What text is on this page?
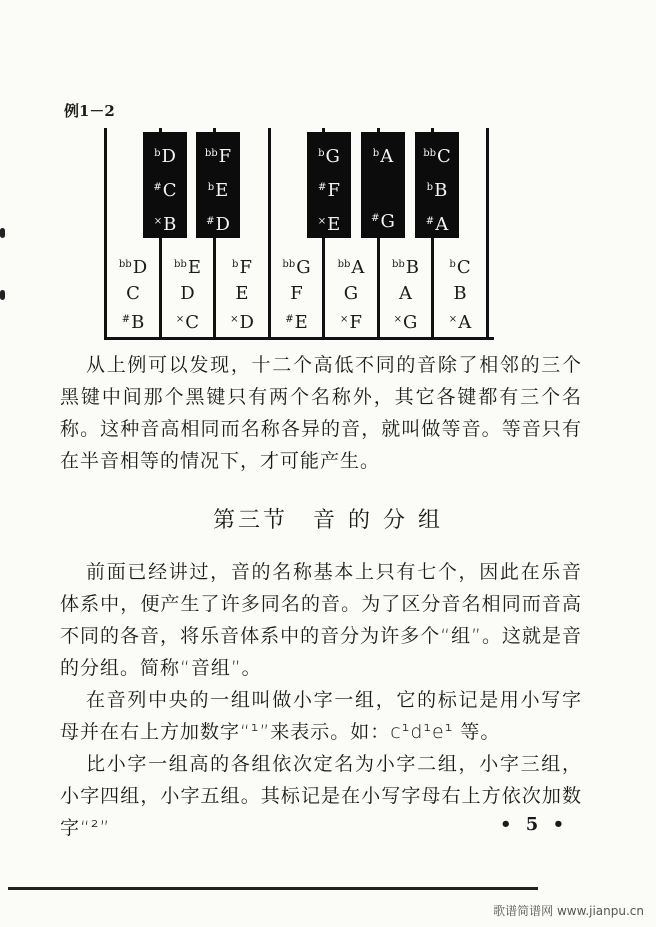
例1－2
$^{bb}$D
C
#B
$^{bb}$E
D
×C
$^b$F
E
×D
$^{bb}$G
F
#E
$^{bb}$A
G
×F
$^{bb}$B
A
×G
$^b$C
B
×A
$^b$D
#C
×B
$^{bb}$F
$^b$E
#D
$^b$G
#F
×E
$^b$A

#G
$^{bb}$C
$^b$B
#A
从上例可以发现，十二个高低不同的音除了相邻的三个黑键中间那个黑键只有两个名称外，其它各键都有三个名称。这种音高相同而名称各异的音，就叫做等音。等音只有在半音相等的情况下，才可能产生。
第三节　音 的 分 组
前面已经讲过，音的名称基本上只有七个，因此在乐音体系中，便产生了许多同名的音。为了区分音名相同而音高不同的各音，将乐音体系中的音分为许多个“组”。这就是音的分组。简称“音组”。
在音列中央的一组叫做小字一组，它的标记是用小写字母并在右上方加数字“¹”来表示。如：c¹d¹e¹ 等。
比小字一组高的各组依次定名为小字二组，小字三组，小字四组，小字五组。其标记是在小写字母右上方依次加数字“²”	• 5 •
歌谱简谱网 www.jianpu.cn
